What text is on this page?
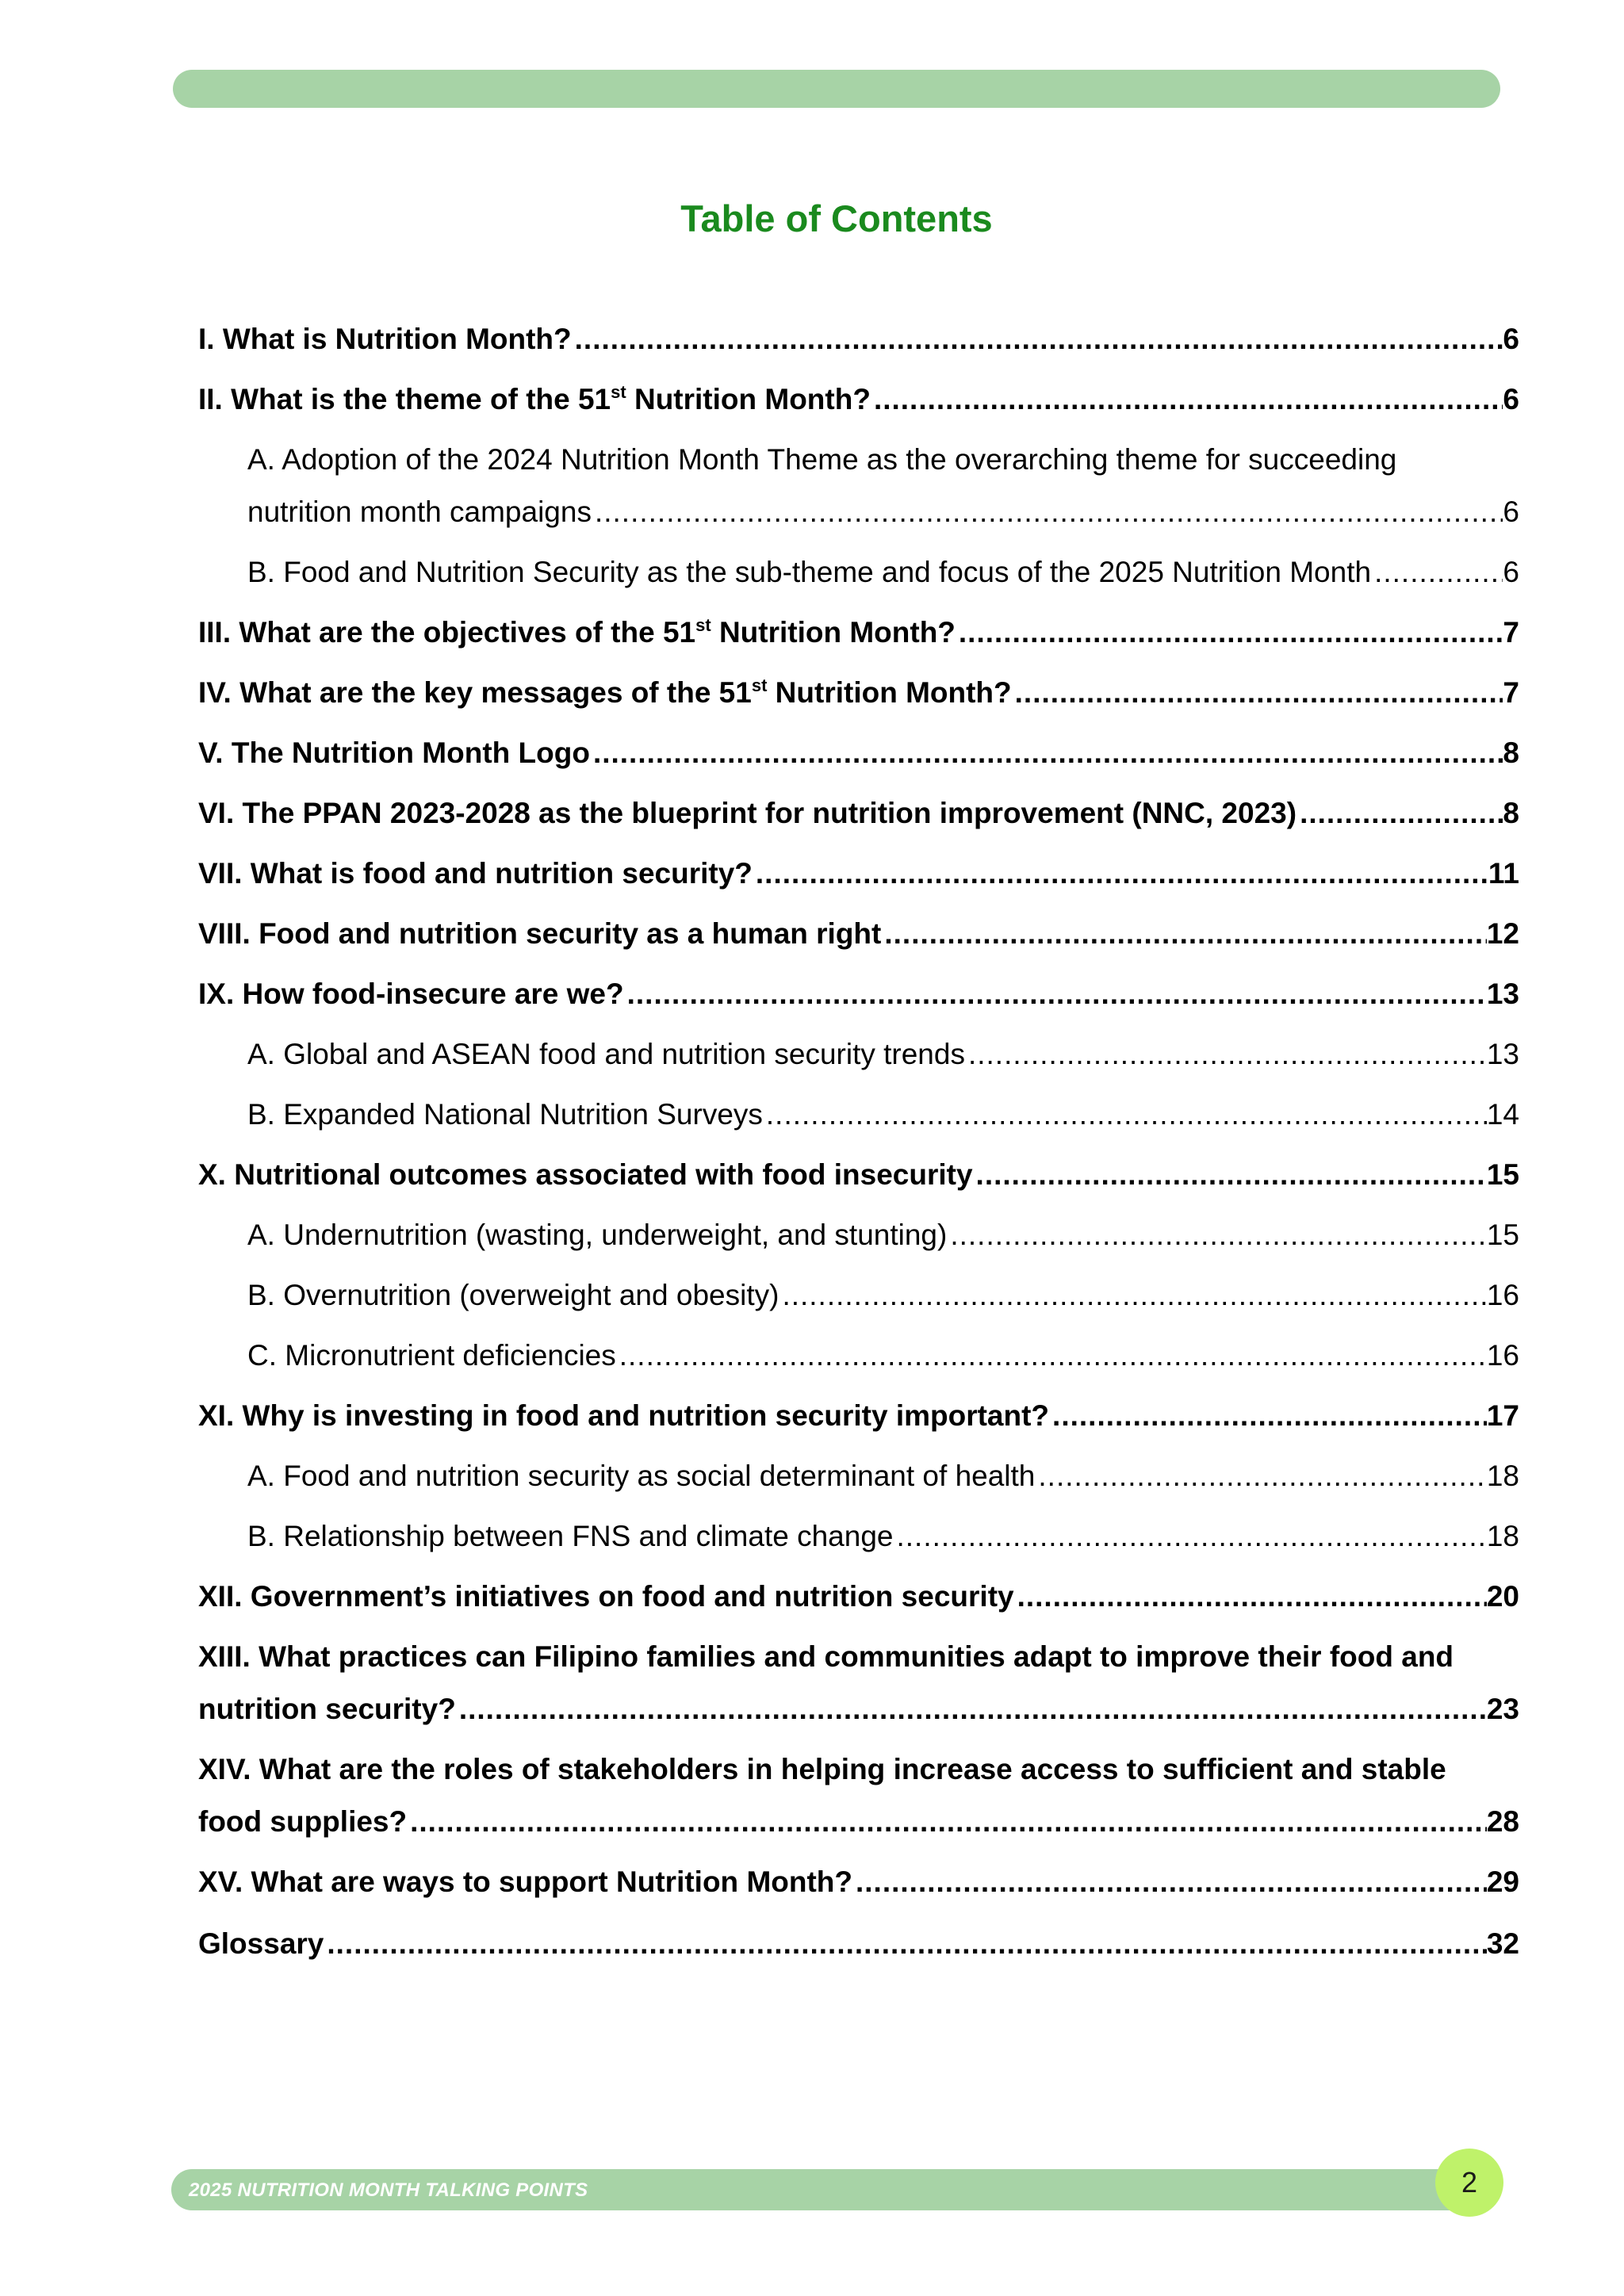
Table of Contents
I. What is Nutrition Month? .....	6
II. What is the theme of the 51st Nutrition Month? .....	6
A. Adoption of the 2024 Nutrition Month Theme as the overarching theme for succeeding
nutrition month campaigns .....	6
B. Food and Nutrition Security as the sub-theme and focus of the 2025 Nutrition Month .....	6
III. What are the objectives of the 51st Nutrition Month? .....	7
IV. What are the key messages of the 51st Nutrition Month? .....	7
V. The Nutrition Month Logo .....	8
VI. The PPAN 2023-2028 as the blueprint for nutrition improvement (NNC, 2023) .....	8
VII. What is food and nutrition security? .....	11
VIII. Food and nutrition security as a human right .....	12
IX. How food-insecure are we? .....	13
A. Global and ASEAN food and nutrition security trends .....	13
B. Expanded National Nutrition Surveys .....	14
X. Nutritional outcomes associated with food insecurity .....	15
A. Undernutrition (wasting, underweight, and stunting) .....	15
B. Overnutrition (overweight and obesity) .....	16
C. Micronutrient deficiencies .....	16
XI. Why is investing in food and nutrition security important? .....	17
A. Food and nutrition security as social determinant of health .....	18
B. Relationship between FNS and climate change .....	18
XII. Government’s initiatives on food and nutrition security .....	20
XIII. What practices can Filipino families and communities adapt to improve their food and
nutrition security? .....	23
XIV. What are the roles of stakeholders in helping increase access to sufficient and stable
food supplies? .....	28
XV. What are ways to support Nutrition Month? .....	29
Glossary .....	32
2025 NUTRITION MONTH TALKING POINTS	2
